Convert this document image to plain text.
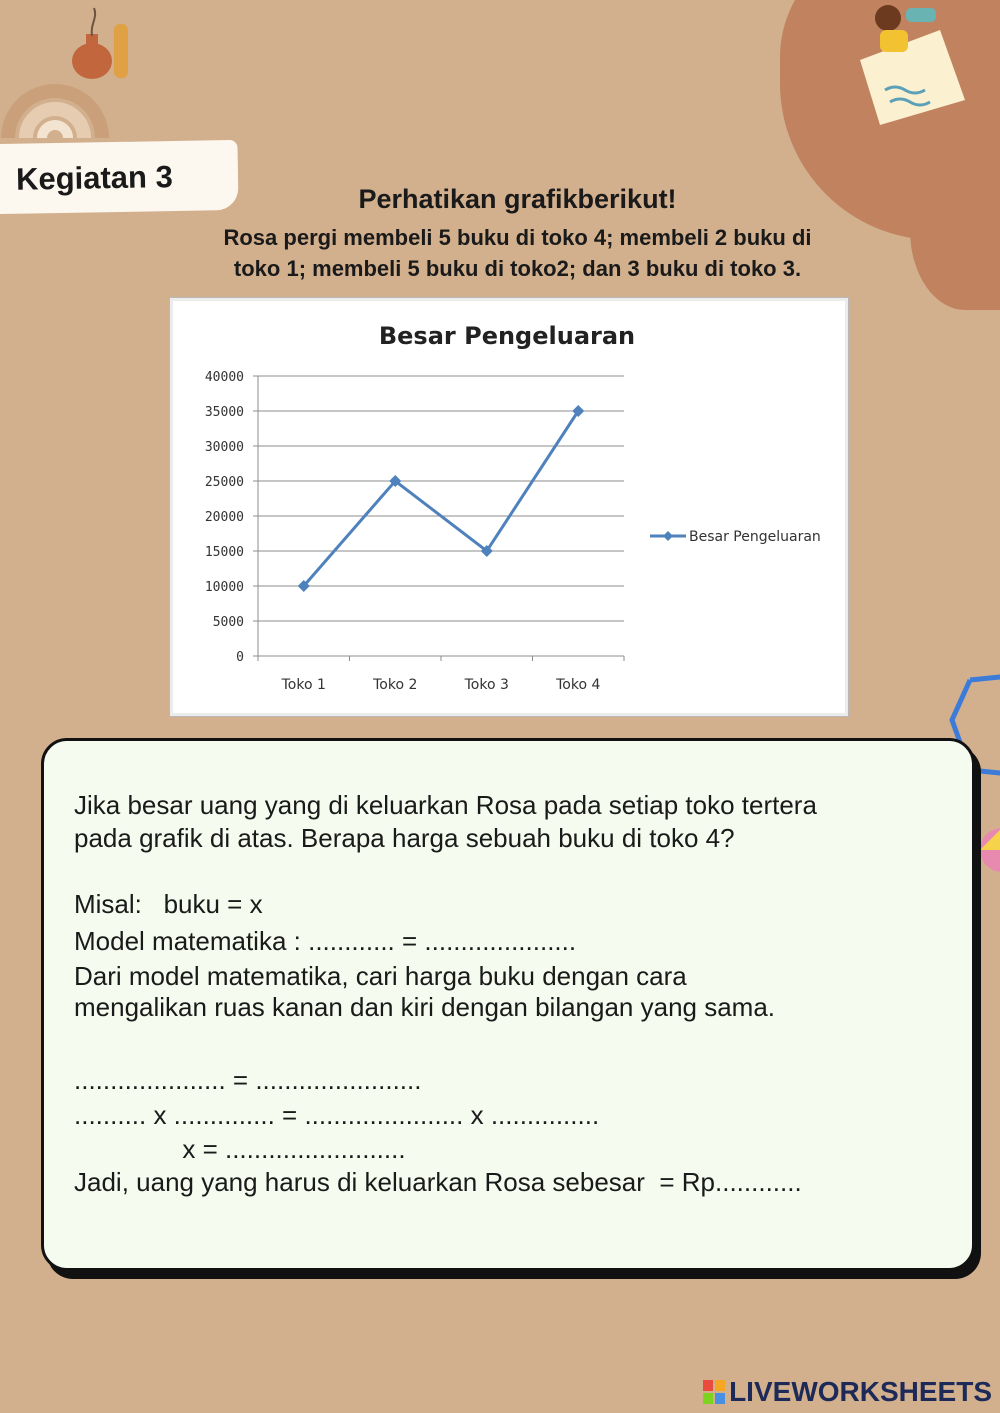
Kegiatan 3
Perhatikan grafikberikut!
Rosa pergi membeli 5 buku di toko 4; membeli 2 buku di
toko 1; membeli 5 buku di toko2; dan 3 buku di toko 3.
Besar Pengeluaran
0
5000
10000
15000
20000
25000
30000
35000
40000
Toko 1	Toko 2	Toko 3	Toko 4
Besar Pengeluaran
Jika besar uang yang di keluarkan Rosa pada setiap toko tertera
pada grafik di atas. Berapa harga sebuah buku di toko 4?
Misal:   buku = x
Model matematika : ............ = .....................
Dari model matematika, cari harga buku dengan cara
mengalikan ruas kanan dan kiri dengan bilangan yang sama.
..................... = .......................
.......... x .............. = ...................... x ...............
x = .........................
Jadi, uang yang harus di keluarkan Rosa sebesar  = Rp............
LIVEWORKSHEETS
